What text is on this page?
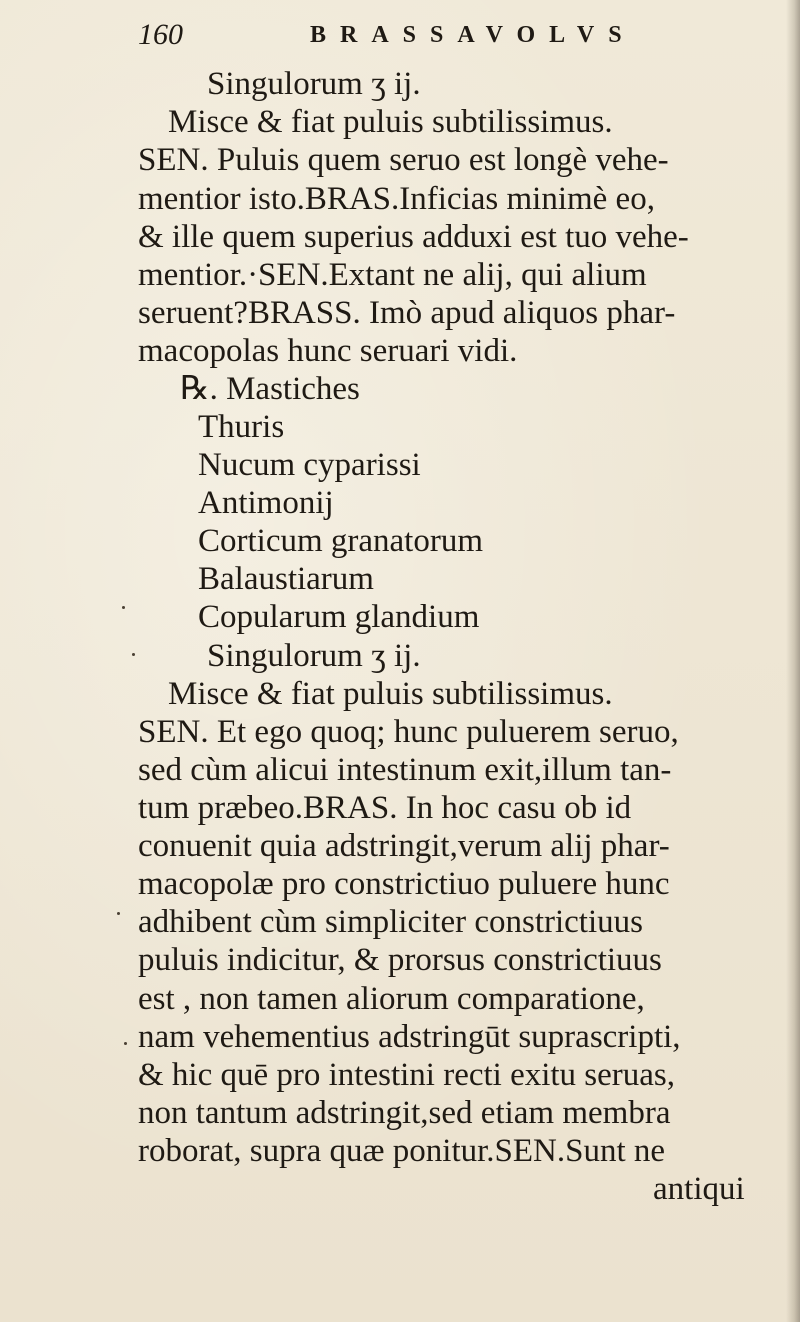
160	BRASSAVOLVS
Singulorum ʒ ij.
Misce & fiat puluis subtilissimus.
SEN. Puluis quem seruo est longè vehe-
mentior isto.BRAS.Inficias minimè eo,
& ille quem superius adduxi est tuo vehe-
mentior.·SEN.Extant ne alij, qui alium
seruent?BRASS. Imò apud aliquos phar-
macopolas hunc seruari vidi.
℞. Mastiches
Thuris
Nucum cyparissi
Antimonij
Corticum granatorum
Balaustiarum
Copularum glandium
Singulorum ʒ ij.
Misce & fiat puluis subtilissimus.
SEN. Et ego quoq; hunc puluerem seruo,
sed cùm alicui intestinum exit,illum tan-
tum præbeo.BRAS. In hoc casu ob id
conuenit quia adstringit,verum alij phar-
macopolæ pro constrictiuo puluere hunc
adhibent cùm simpliciter constrictiuus
puluis indicitur, & prorsus constrictiuus
est , non tamen aliorum comparatione,
nam vehementius adstringūt suprascripti,
& hic quē pro intestini recti exitu seruas,
non tantum adstringit,sed etiam membra
roborat, supra quæ ponitur.SEN.Sunt ne
antiqui
